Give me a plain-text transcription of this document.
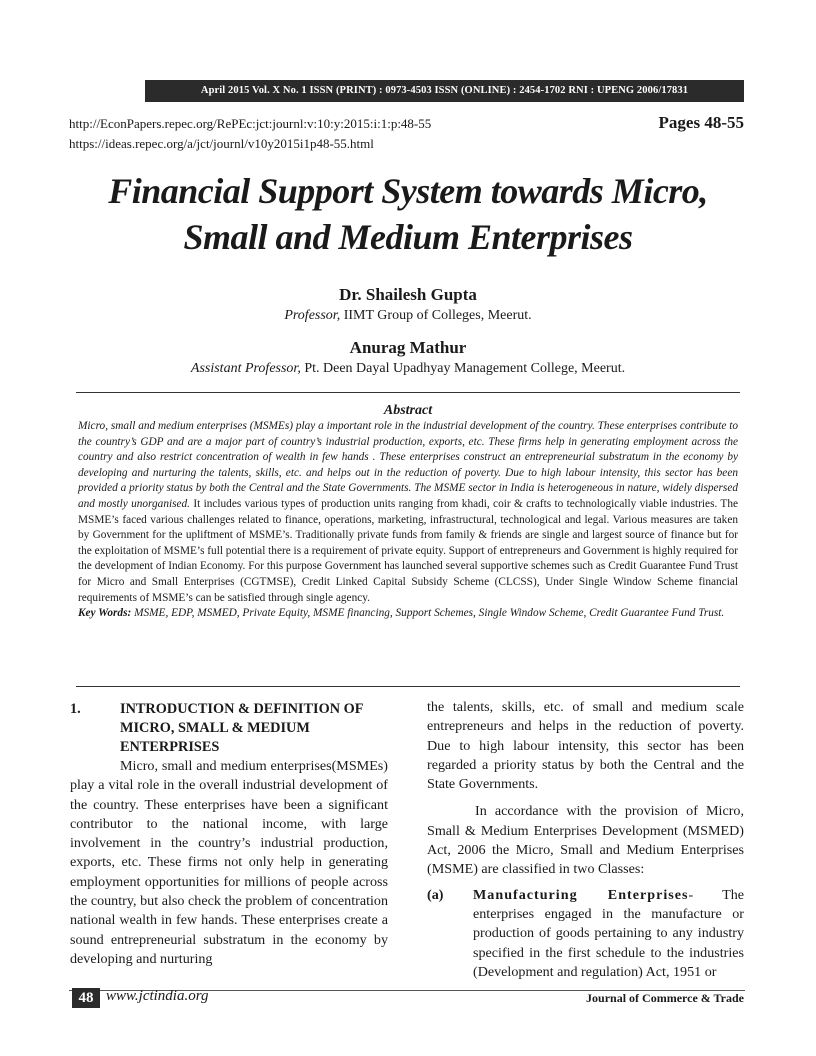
April 2015 Vol. X No. 1 ISSN (PRINT) : 0973-4503 ISSN (ONLINE) : 2454-1702 RNI : UPENG 2006/17831
http://EconPapers.repec.org/RePEc:jct:journl:v:10:y:2015:i:1:p:48-55
https://ideas.repec.org/a/jct/journl/v10y2015i1p48-55.html
Pages 48-55
Financial Support System towards Micro,
Small and Medium Enterprises
Dr. Shailesh Gupta
Professor, IIMT Group of Colleges, Meerut.
Anurag Mathur
Assistant Professor, Pt. Deen Dayal Upadhyay Management College, Meerut.
Abstract
Micro, small and medium enterprises (MSMEs) play a important role in the industrial development of the country. These enterprises contribute to the country’s GDP and are a major part of country’s industrial production, exports, etc. These firms help in generating employment across the country and also restrict concentration of wealth in few hands . These enterprises construct an entrepreneurial substratum in the economy by developing and nurturing the talents, skills, etc. and helps out in the reduction of poverty. Due to high labour intensity, this sector has been provided a priority status by both the Central and the State Governments. The MSME sector in India is heterogeneous in nature, widely dispersed and mostly unorganised. It includes various types of production units ranging from khadi, coir & crafts to technologically viable industries. The MSME’s faced various challenges related to finance, operations, marketing, infrastructural, technological and legal. Various measures are taken by Government for the upliftment of MSME’s. Traditionally private funds from family & friends are single and largest source of finance but for the exploitation of MSME’s full potential there is a requirement of private equity. Support of entrepreneurs and Government is highly required for the development of Indian Economy. For this purpose Government has launched several supportive schemes such as Credit Guarantee Fund Trust for Micro and Small Enterprises (CGTMSE), Credit Linked Capital Subsidy Scheme (CLCSS), Under Single Window Scheme financial requirements of MSME’s can be satisfied through single agency.
Key Words: MSME, EDP, MSMED, Private Equity, MSME financing, Support Schemes, Single Window Scheme, Credit Guarantee Fund Trust.
1.	INTRODUCTION & DEFINITION OF MICRO, SMALL & MEDIUM ENTERPRISES

Micro, small and medium enterprises(MSMEs) play a vital role in the overall industrial development of the country. These enterprises have been a significant contributor to the national income, with large involvement in the country’s industrial production, exports, etc. These firms not only help in generating employment opportunities for millions of people across the country, but also check the problem of concentration national wealth in few hands. These enterprises create a sound entrepreneurial substratum in the economy by developing and nurturing

the talents, skills, etc. of small and medium scale entrepreneurs and helps in the reduction of poverty. Due to high labour intensity, this sector has been regarded a priority status by both the Central and the State Governments.

In accordance with the provision of Micro, Small & Medium Enterprises Development (MSMED) Act, 2006 the Micro, Small and Medium Enterprises (MSME) are classified in two Classes:

(a)	Manufacturing Enterprises- The enterprises engaged in the manufacture or production of goods pertaining to any industry specified in the first schedule to the industries (Development and regulation) Act, 1951 or
48 www.jctindia.org	Journal of Commerce & Trade
